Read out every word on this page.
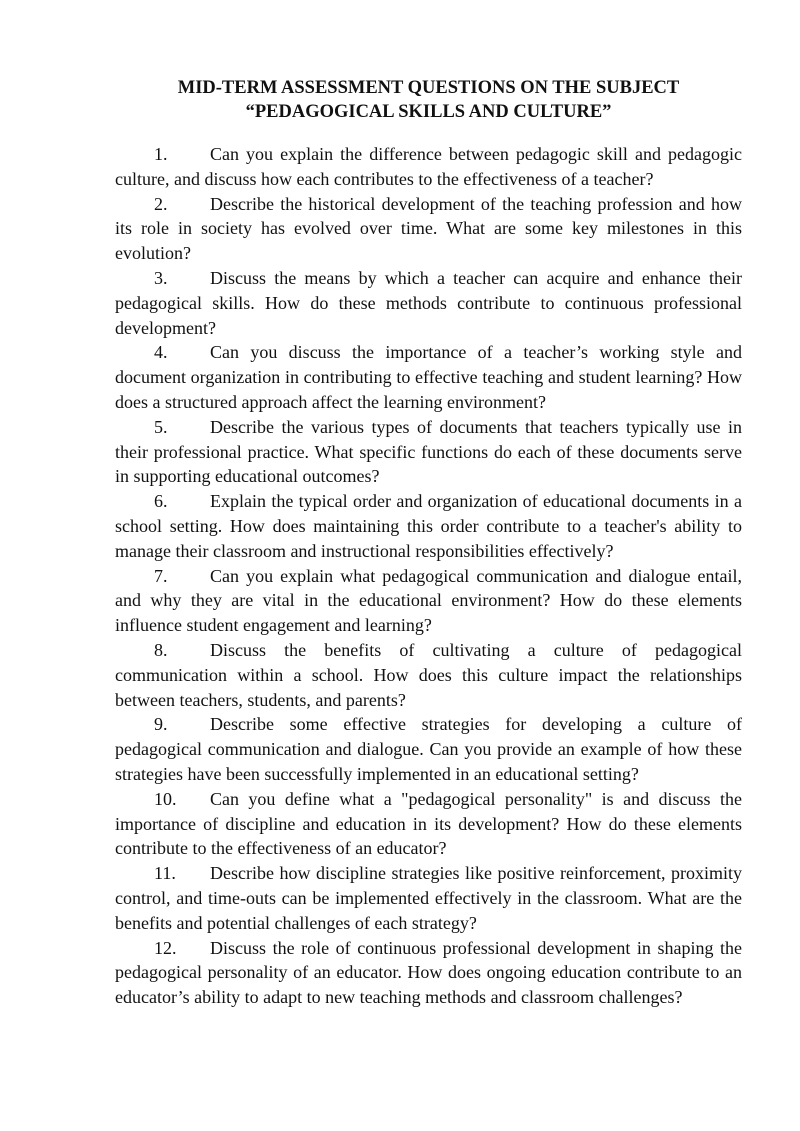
MID-TERM ASSESSMENT QUESTIONS ON THE SUBJECT
“PEDAGOGICAL SKILLS AND CULTURE”
1. Can you explain the difference between pedagogic skill and pedagogic culture, and discuss how each contributes to the effectiveness of a teacher?
2. Describe the historical development of the teaching profession and how its role in society has evolved over time. What are some key milestones in this evolution?
3. Discuss the means by which a teacher can acquire and enhance their pedagogical skills. How do these methods contribute to continuous professional development?
4. Can you discuss the importance of a teacher’s working style and document organization in contributing to effective teaching and student learning? How does a structured approach affect the learning environment?
5. Describe the various types of documents that teachers typically use in their professional practice. What specific functions do each of these documents serve in supporting educational outcomes?
6. Explain the typical order and organization of educational documents in a school setting. How does maintaining this order contribute to a teacher's ability to manage their classroom and instructional responsibilities effectively?
7. Can you explain what pedagogical communication and dialogue entail, and why they are vital in the educational environment? How do these elements influence student engagement and learning?
8. Discuss the benefits of cultivating a culture of pedagogical communication within a school. How does this culture impact the relationships between teachers, students, and parents?
9. Describe some effective strategies for developing a culture of pedagogical communication and dialogue. Can you provide an example of how these strategies have been successfully implemented in an educational setting?
10. Can you define what a "pedagogical personality" is and discuss the importance of discipline and education in its development? How do these elements contribute to the effectiveness of an educator?
11. Describe how discipline strategies like positive reinforcement, proximity control, and time-outs can be implemented effectively in the classroom. What are the benefits and potential challenges of each strategy?
12. Discuss the role of continuous professional development in shaping the pedagogical personality of an educator. How does ongoing education contribute to an educator’s ability to adapt to new teaching methods and classroom challenges?
